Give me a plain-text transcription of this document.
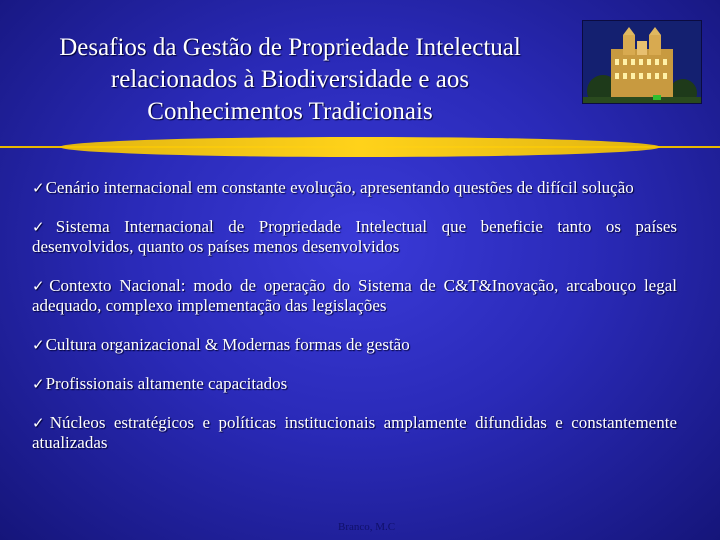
Desafios da Gestão de Propriedade Intelectual
relacionados à Biodiversidade e aos
Conhecimentos Tradicionais
✓Cenário internacional em constante evolução, apresentando questões de difícil solução
✓Sistema Internacional de Propriedade Intelectual que beneficie tanto os países desenvolvidos, quanto os países menos desenvolvidos
✓Contexto Nacional: modo de operação do Sistema de C&T&Inovação, arcabouço legal adequado, complexo implementação das legislações
✓Cultura organizacional & Modernas formas de gestão
✓Profissionais altamente capacitados
✓Núcleos estratégicos e políticas institucionais amplamente difundidas e constantemente atualizadas
Branco, M.C
